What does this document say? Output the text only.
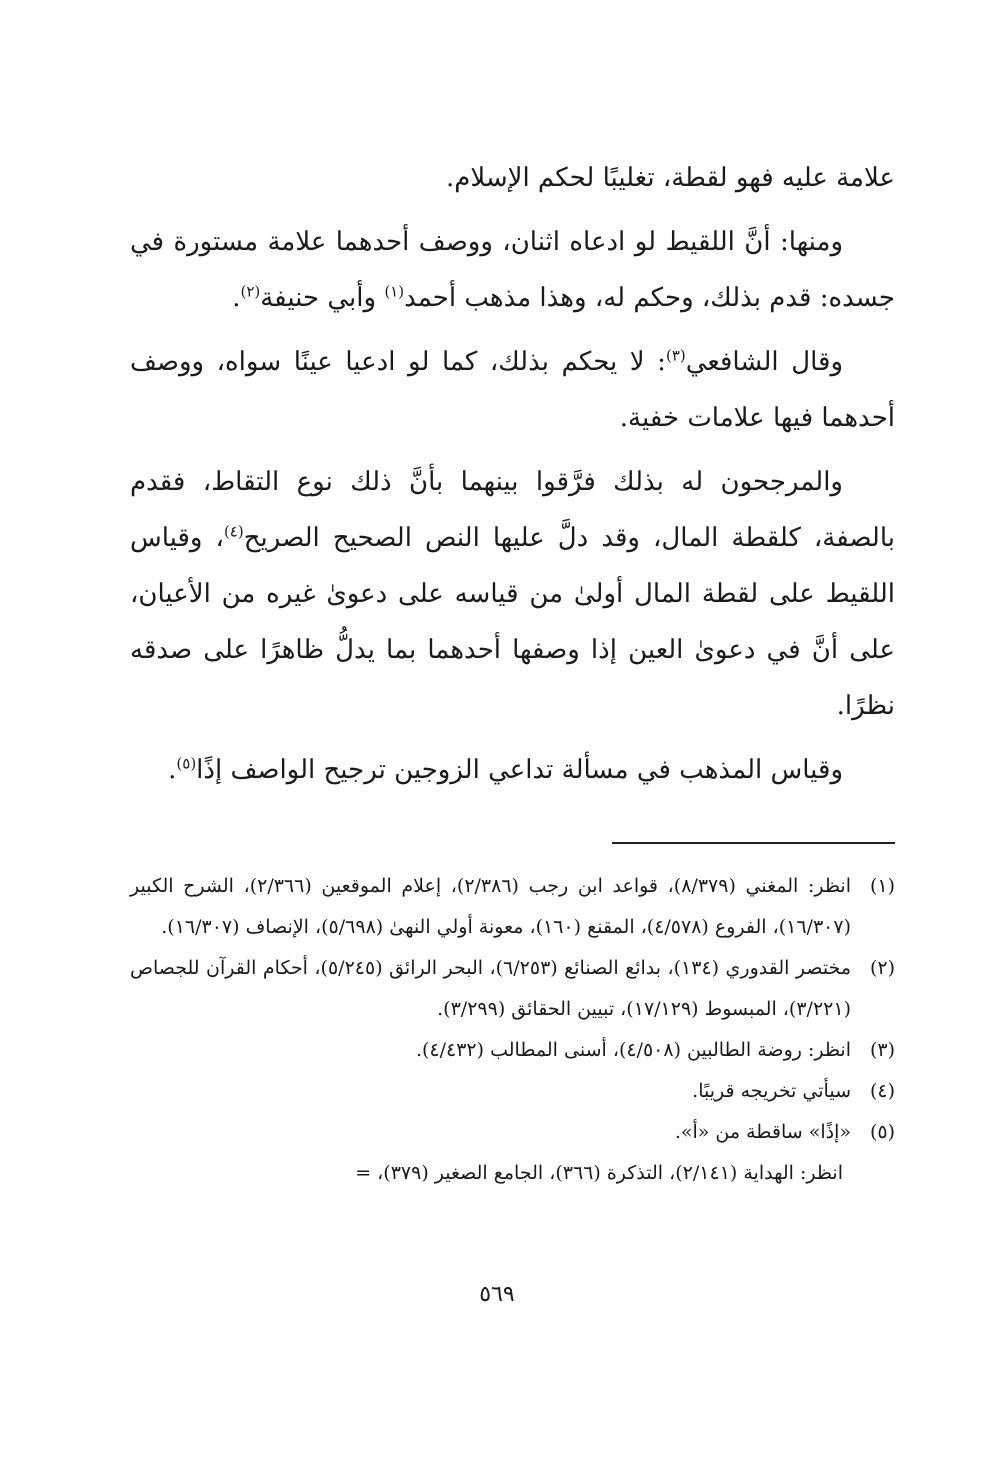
علامة عليه فهو لقطة، تغليبًا لحكم الإسلام.

ومنها: أنَّ اللقيط لو ادعاه اثنان، ووصف أحدهما علامة مستورة في جسده: قدم بذلك، وحكم له، وهذا مذهب أحمد$^{(١)}$ وأبي حنيفة$^{(٢)}$.

وقال الشافعي$^{(٣)}$: لا يحكم بذلك، كما لو ادعيا عينًا سواه، ووصف أحدهما فيها علامات خفية.

والمرجحون له بذلك فرَّقوا بينهما بأنَّ ذلك نوع التقاط، فقدم بالصفة، كلقطة المال، وقد دلَّ عليها النص الصحيح الصريح$^{(٤)}$، وقياس اللقيط على لقطة المال أولىٰ من قياسه على دعوىٰ غيره من الأعيان، على أنَّ في دعوىٰ العين إذا وصفها أحدهما بما يدلُّ ظاهرًا على صدقه نظرًا.

وقياس المذهب في مسألة تداعي الزوجين ترجيح الواصف إذًا$^{(٥)}$.

(١)
انظر: المغني (٨/٣٧٩)، قواعد ابن رجب (٢/٣٨٦)، إعلام الموقعين (٢/٣٦٦)، الشرح الكبير (١٦/٣٠٧)، الفروع (٤/٥٧٨)، المقنع (١٦٠)، معونة أولي النهىٰ (٥/٦٩٨)، الإنصاف (١٦/٣٠٧).
(٢)
مختصر القدوري (١٣٤)، بدائع الصنائع (٦/٢٥٣)، البحر الرائق (٥/٢٤٥)، أحكام القرآن للجصاص (٣/٢٢١)، المبسوط (١٧/١٢٩)، تبيين الحقائق (٣/٢٩٩).
(٣)
انظر: روضة الطالبين (٤/٥٠٨)، أسنى المطالب (٤/٤٣٢).
(٤)
سيأتي تخريجه قريبًا.
(٥)
«إذًا» ساقطة من «أ».
انظر: الهداية (٢/١٤١)، التذكرة (٣٦٦)، الجامع الصغير (٣٧٩)، =
٥٦٩
